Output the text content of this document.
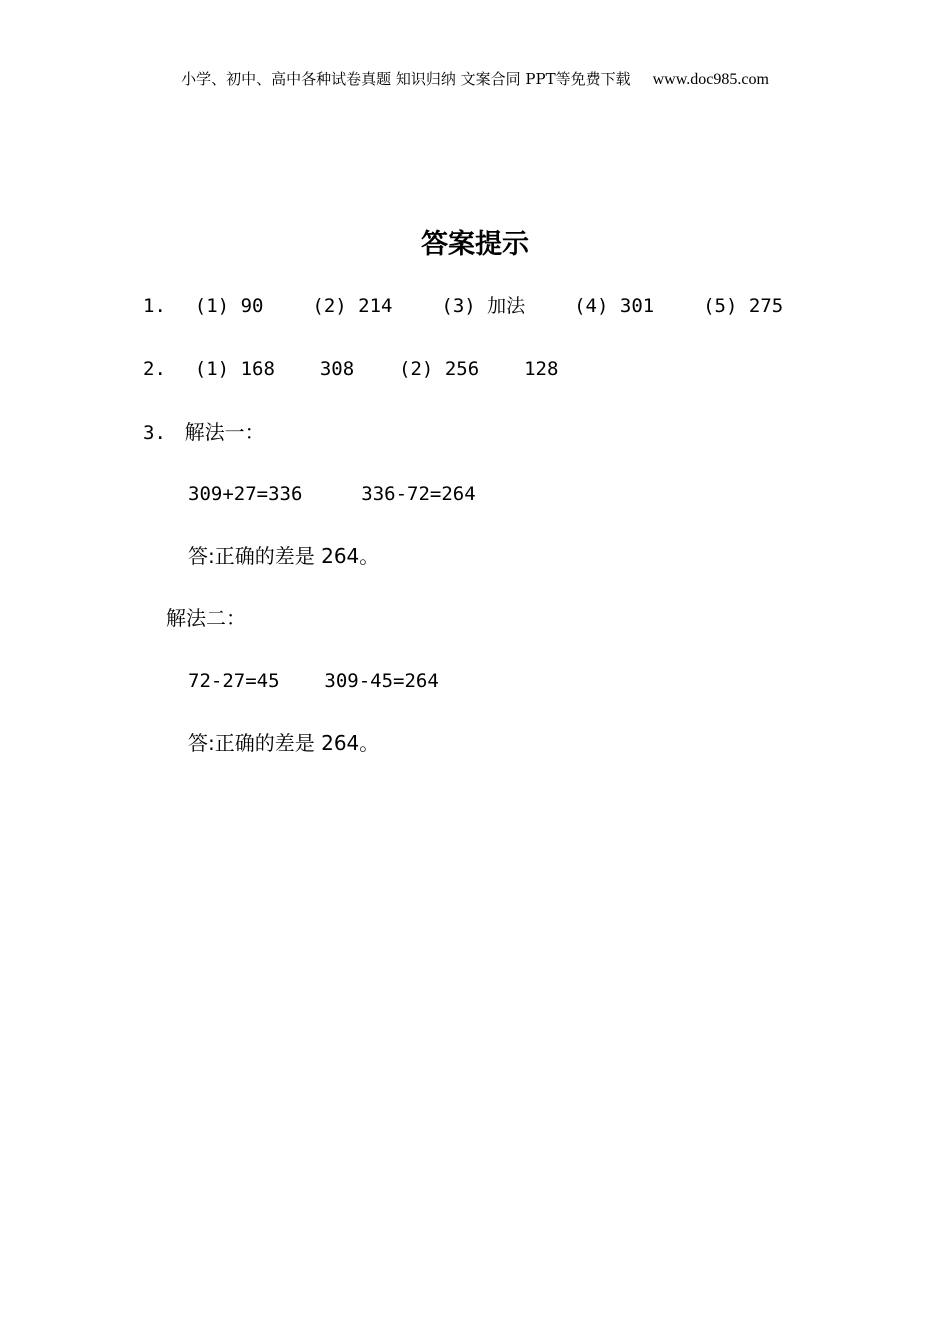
小学、初中、高中各种试卷真题 知识归纳 文案合同 PPT等免费下载 www.doc985.com
答案提示
1. (1) 90	(2) 214	(3) 加法	(4) 301	(5) 275
2. (1) 168 308 (2) 256 128
3. 解法一：
309+27=336	336-72=264
答:正确的差是 264。
解法二：
72-27=45 309-45=264
答:正确的差是 264。
